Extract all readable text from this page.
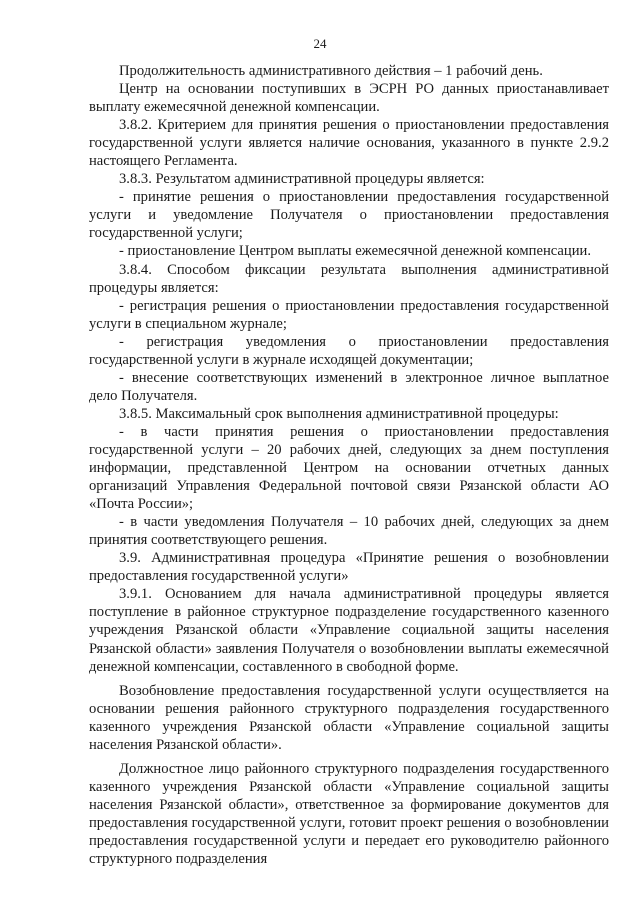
24

Продолжительность административного действия – 1 рабочий день.

Центр на основании поступивших в ЭСРН РО данных приостанавливает выплату ежемесячной денежной компенсации.

3.8.2. Критерием для принятия решения о приостановлении предоставления государственной услуги является наличие основания, указанного в пункте 2.9.2 настоящего Регламента.

3.8.3. Результатом административной процедуры является:

- принятие решения о приостановлении предоставления государственной услуги и уведомление Получателя о приостановлении предоставления государственной услуги;

- приостановление Центром выплаты ежемесячной денежной компенсации.

3.8.4. Способом фиксации результата выполнения административной процедуры является:

- регистрация решения о приостановлении предоставления государственной услуги в специальном журнале;

- регистрация уведомления о приостановлении предоставления государственной услуги в журнале исходящей документации;

- внесение соответствующих изменений в электронное личное выплатное дело Получателя.

3.8.5. Максимальный срок выполнения административной процедуры:

- в части принятия решения о приостановлении предоставления государственной услуги – 20 рабочих дней, следующих за днем поступления информации, представленной Центром на основании отчетных данных организаций Управления Федеральной почтовой связи Рязанской области АО «Почта России»;

- в части уведомления Получателя – 10 рабочих дней, следующих за днем принятия соответствующего решения.

3.9. Административная процедура «Принятие решения о возобновлении предоставления государственной услуги»

3.9.1. Основанием для начала административной процедуры является поступление в районное структурное подразделение государственного казенного учреждения Рязанской области «Управление социальной защиты населения Рязанской области» заявления Получателя о возобновлении выплаты ежемесячной денежной компенсации, составленного в свободной форме.

Возобновление предоставления государственной услуги осуществляется на основании решения районного структурного подразделения государственного казенного учреждения Рязанской области «Управление социальной защиты населения Рязанской области».

Должностное лицо районного структурного подразделения государственного казенного учреждения Рязанской области «Управление социальной защиты населения Рязанской области», ответственное за формирование документов для предоставления государственной услуги, готовит проект решения о возобновлении предоставления государственной услуги и передает его руководителю районного структурного подразделения
